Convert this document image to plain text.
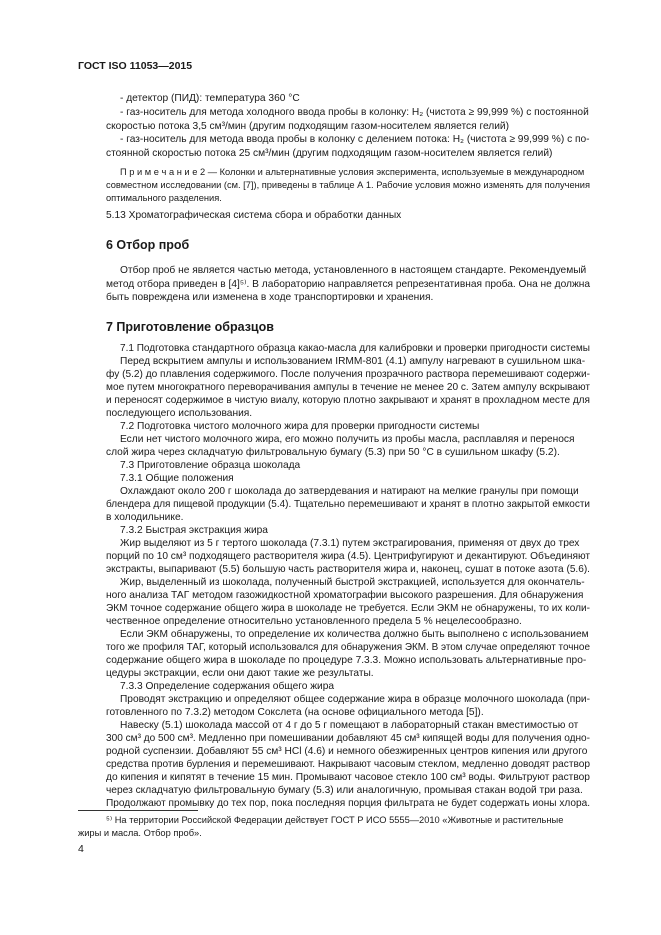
ГОСТ ISO 11053—2015
- детектор (ПИД): температура 360 °C
- газ-носитель для метода холодного ввода пробы в колонку: H₂ (чистота ≥ 99,999 %) с постоянной
скоростью потока 3,5 см³/мин (другим подходящим газом-носителем является гелий)
- газ-носитель для метода ввода пробы в колонку с делением потока: H₂ (чистота ≥ 99,999 %) с по-
стоянной скоростью потока 25 см³/мин (другим подходящим газом-носителем является гелий)
П р и м е ч а н и е 2 — Колонки и альтернативные условия эксперимента, используемые в международном
совместном исследовании (см. [7]), приведены в таблице А 1. Рабочие условия можно изменять для получения
оптимального разделения.
5.13 Хроматографическая система сбора и обработки данных
6 Отбор проб
Отбор проб не является частью метода, установленного в настоящем стандарте. Рекомендуемый
метод отбора приведен в [4]⁵⁾. В лабораторию направляется репрезентативная проба. Она не должна
быть повреждена или изменена в ходе транспортировки и хранения.
7 Приготовление образцов
7.1 Подготовка стандартного образца какао-масла для калибровки и проверки пригодности системы
Перед вскрытием ампулы и использованием IRMM-801 (4.1) ампулу нагревают в сушильном шка-
фу (5.2) до плавления содержимого. После получения прозрачного раствора перемешивают содержи-
мое путем многократного переворачивания ампулы в течение не менее 20 с. Затем ампулу вскрывают
и переносят содержимое в чистую виалу, которую плотно закрывают и хранят в прохладном месте для
последующего использования.
7.2 Подготовка чистого молочного жира для проверки пригодности системы
Если нет чистого молочного жира, его можно получить из пробы масла, расплавляя и перенося
слой жира через складчатую фильтровальную бумагу (5.3) при 50 °С в сушильном шкафу (5.2).
7.3 Приготовление образца шоколада
7.3.1 Общие положения
Охлаждают около 200 г шоколада до затвердевания и натирают на мелкие гранулы при помощи
блендера для пищевой продукции (5.4). Тщательно перемешивают и хранят в плотно закрытой емкости
в холодильнике.
7.3.2 Быстрая экстракция жира
Жир выделяют из 5 г тертого шоколада (7.3.1) путем экстрагирования, применяя от двух до трех
порций по 10 см³ подходящего растворителя жира (4.5). Центрифугируют и декантируют. Объединяют
экстракты, выпаривают (5.5) большую часть растворителя жира и, наконец, сушат в потоке азота (5.6).
Жир, выделенный из шоколада, полученный быстрой экстракцией, используется для окончатель-
ного анализа ТАГ методом газожидкостной хроматографии высокого разрешения. Для обнаружения
ЭКМ точное содержание общего жира в шоколаде не требуется. Если ЭКМ не обнаружены, то их коли-
чественное определение относительно установленного предела 5 % нецелесообразно.
Если ЭКМ обнаружены, то определение их количества должно быть выполнено с использованием
того же профиля ТАГ, который использовался для обнаружения ЭКМ. В этом случае определяют точное
содержание общего жира в шоколаде по процедуре 7.3.3. Можно использовать альтернативные про-
цедуры экстракции, если они дают такие же результаты.
7.3.3 Определение содержания общего жира
Проводят экстракцию и определяют общее содержание жира в образце молочного шоколада (при-
готовленного по 7.3.2) методом Сокслета (на основе официального метода [5]).
Навеску (5.1) шоколада массой от 4 г до 5 г помещают в лабораторный стакан вместимостью от
300 см³ до 500 см³. Медленно при помешивании добавляют 45 см³ кипящей воды для получения одно-
родной суспензии. Добавляют 55 см³ HCl (4.6) и немного обезжиренных центров кипения или другого
средства против бурления и перемешивают. Накрывают часовым стеклом, медленно доводят раствор
до кипения и кипятят в течение 15 мин. Промывают часовое стекло 100 см³ воды. Фильтруют раствор
через складчатую фильтровальную бумагу (5.3) или аналогичную, промывая стакан водой три раза.
Продолжают промывку до тех пор, пока последняя порция фильтрата не будет содержать ионы хлора.
⁵⁾ На территории Российской Федерации действует ГОСТ Р ИСО 5555—2010 «Животные и растительные
жиры и масла. Отбор проб».
4
